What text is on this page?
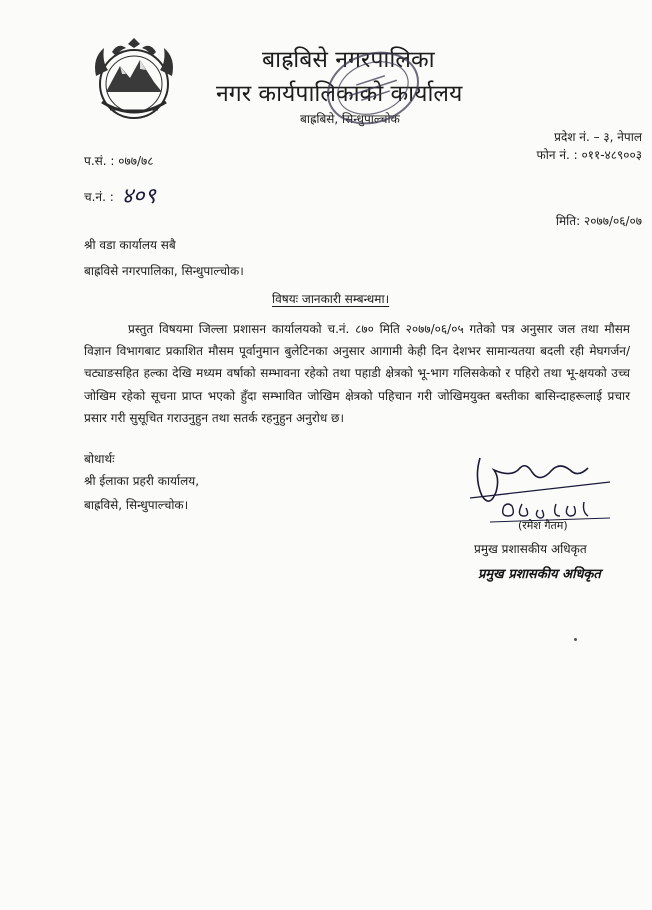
बाह्रबिसे नगरपालिका
नगर कार्यपालिकाको कार्यालय
बाह्रबिसे, सिन्धुपाल्चोक
प्रदेश नं. – ३, नेपाल
फोन नं. : ०११-४८९००३
प.सं. : ०७७/७८
च.नं. : ४०९
मिति: २०७७/०६/०७
श्री वडा कार्यालय सबै
बाह्रविसे नगरपालिका, सिन्धुपाल्चोक।
विषयः जानकारी सम्बन्धमा।
प्रस्तुत विषयमा जिल्ला प्रशासन कार्यालयको च.नं. ८७० मिति २०७७/०६/०५ गतेको पत्र अनुसार जल तथा मौसम विज्ञान विभागबाट प्रकाशित मौसम पूर्वानुमान बुलेटिनका अनुसार आगामी केही दिन देशभर सामान्यतया बदली रही मेघगर्जन/चट्याङसहित हल्का देखि मध्यम वर्षाको सम्भावना रहेको तथा पहाडी क्षेत्रको भू-भाग गलिसकेको र पहिरो तथा भू-क्षयको उच्च जोखिम रहेको सूचना प्राप्त भएको हुँदा सम्भावित जोखिम क्षेत्रको पहिचान गरी जोखिमयुक्त बस्तीका बासिन्दाहरूलाई प्रचार प्रसार गरी सुसूचित गराउनुहुन तथा सतर्क रहनुहुन अनुरोध छ।
बोधार्थः
श्री ईलाका प्रहरी कार्यालय,
बाह्रविसे, सिन्धुपाल्चोक।
(रमेश गैतम)
प्रमुख प्रशासकीय अधिकृत
प्रमुख प्रशासकीय अधिकृत
